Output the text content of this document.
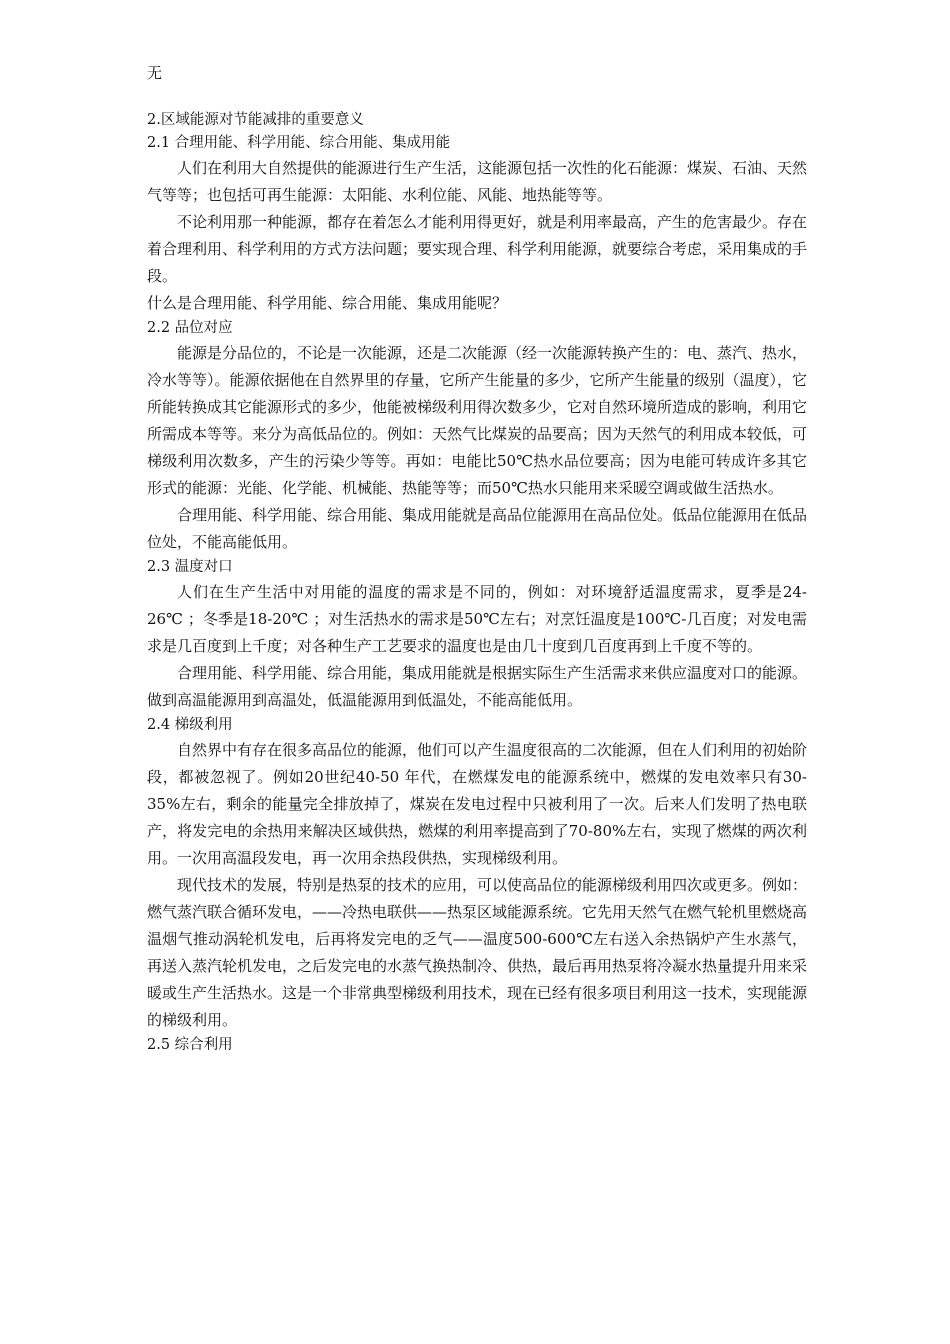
无

2.区域能源对节能减排的重要意义

2.1 合理用能、科学用能、综合用能、集成用能

人们在利用大自然提供的能源进行生产生活，这能源包括一次性的化石能源：煤炭、石油、天然气等等；也包括可再生能源：太阳能、水利位能、风能、地热能等等。

不论利用那一种能源，都存在着怎么才能利用得更好，就是利用率最高，产生的危害最少。存在着合理利用、科学利用的方式方法问题；要实现合理、科学利用能源，就要综合考虑，采用集成的手段。

什么是合理用能、科学用能、综合用能、集成用能呢？

2.2 品位对应

能源是分品位的，不论是一次能源，还是二次能源（经一次能源转换产生的：电、蒸汽、热水，冷水等等）。能源依据他在自然界里的存量，它所产生能量的多少，它所产生能量的级别（温度），它所能转换成其它能源形式的多少，他能被梯级利用得次数多少，它对自然环境所造成的影响，利用它所需成本等等。来分为高低品位的。例如：天然气比煤炭的品要高；因为天然气的利用成本较低，可梯级利用次数多，产生的污染少等等。再如：电能比50℃热水品位要高；因为电能可转成许多其它形式的能源：光能、化学能、机械能、热能等等；而50℃热水只能用来采暖空调或做生活热水。

合理用能、科学用能、综合用能、集成用能就是高品位能源用在高品位处。低品位能源用在低品位处，不能高能低用。

2.3 温度对口

人们在生产生活中对用能的温度的需求是不同的，例如：对环境舒适温度需求，夏季是24-26℃ ；冬季是18-20℃ ；对生活热水的需求是50℃左右；对烹饪温度是100℃-几百度；对发电需求是几百度到上千度；对各种生产工艺要求的温度也是由几十度到几百度再到上千度不等的。

合理用能、科学用能、综合用能，集成用能就是根据实际生产生活需求来供应温度对口的能源。做到高温能源用到高温处，低温能源用到低温处，不能高能低用。

2.4 梯级利用

自然界中有存在很多高品位的能源，他们可以产生温度很高的二次能源，但在人们利用的初始阶段，都被忽视了。例如20世纪40-50 年代，在燃煤发电的能源系统中，燃煤的发电效率只有30-35%左右，剩余的能量完全排放掉了，煤炭在发电过程中只被利用了一次。后来人们发明了热电联产，将发完电的余热用来解决区域供热，燃煤的利用率提高到了70-80%左右，实现了燃煤的两次利用。一次用高温段发电，再一次用余热段供热，实现梯级利用。

现代技术的发展，特别是热泵的技术的应用，可以使高品位的能源梯级利用四次或更多。例如：燃气蒸汽联合循环发电，——冷热电联供——热泵区域能源系统。它先用天然气在燃气轮机里燃烧高温烟气推动涡轮机发电，后再将发完电的乏气——温度500-600℃左右送入余热锅炉产生水蒸气，再送入蒸汽轮机发电，之后发完电的水蒸气换热制冷、供热，最后再用热泵将冷凝水热量提升用来采暖或生产生活热水。这是一个非常典型梯级利用技术，现在已经有很多项目利用这一技术，实现能源的梯级利用。

2.5 综合利用
